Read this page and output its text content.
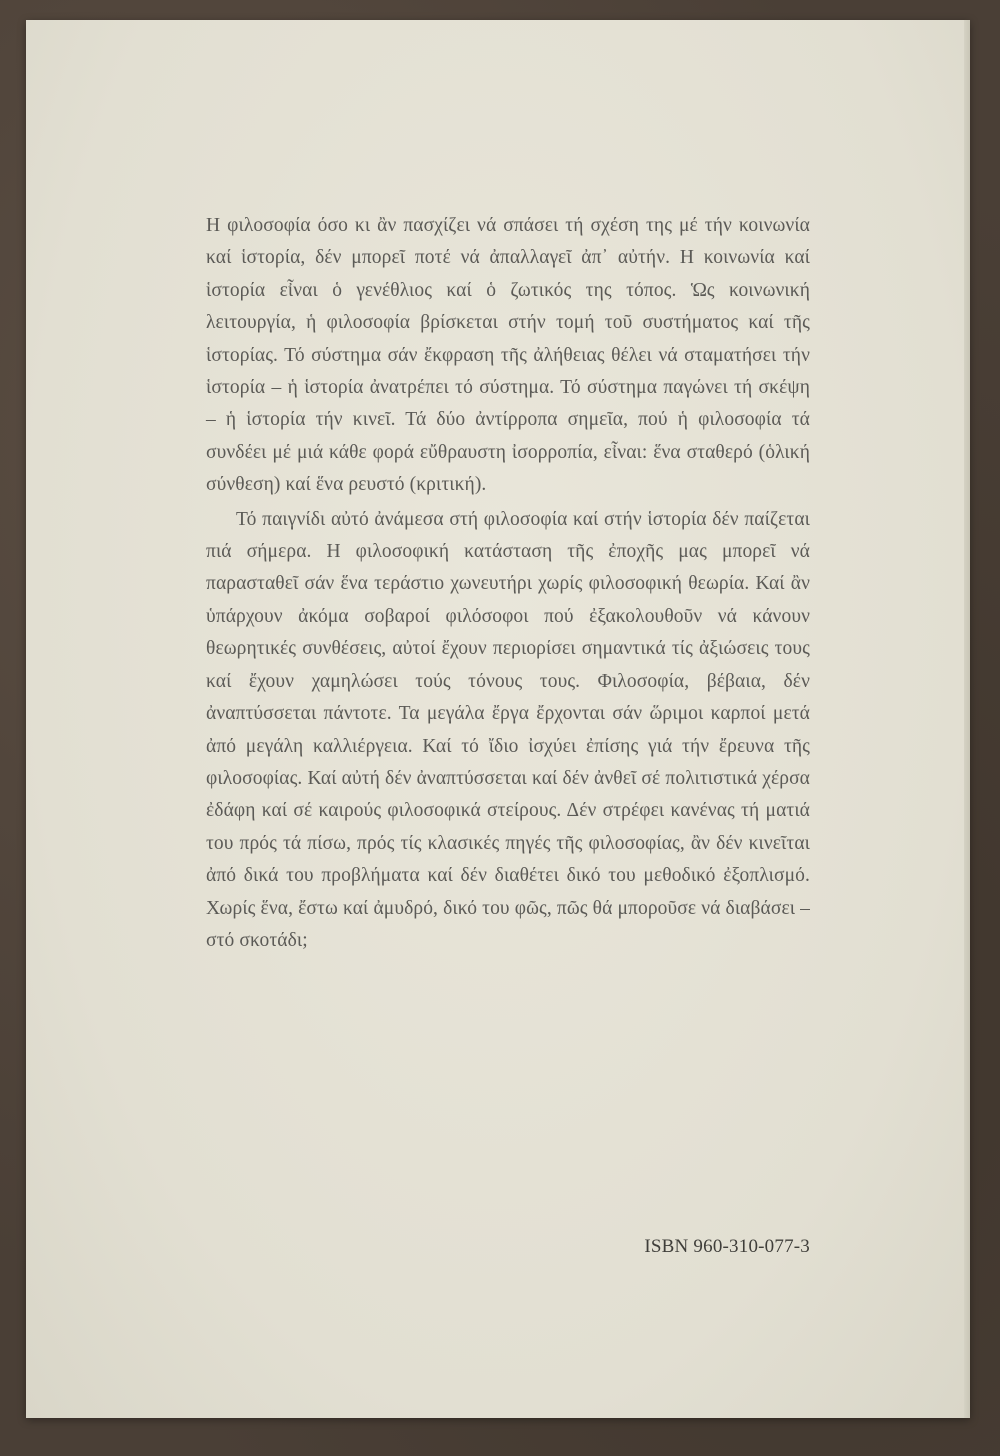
Η φιλοσοφία όσο κι ἂν πασχίζει νά σπάσει τή σχέση της μέ τήν κοινωνία καί ἱστορία, δέν μπορεῖ ποτέ νά ἀπαλλαγεῖ ἀπ᾽ αὐτήν. Η κοινωνία καί ἱστορία εἶναι ὁ γενέθλιος καί ὁ ζωτικός της τόπος. Ὡς κοινωνική λειτουργία, ἡ φιλοσοφία βρίσκεται στήν τομή τοῦ συστήματος καί τῆς ἱστορίας. Τό σύστημα σάν ἔκφραση τῆς ἀλήθειας θέλει νά σταματήσει τήν ἱστορία – ἡ ἱστορία ἀνατρέπει τό σύστημα. Τό σύστημα παγώνει τή σκέψη – ἡ ἱστορία τήν κινεῖ. Τά δύο ἀντίρροπα σημεῖα, πού ἡ φιλοσοφία τά συνδέει μέ μιά κάθε φορά εὔθραυστη ἰσορροπία, εἶναι: ἕνα σταθερό (ὁλική σύνθεση) καί ἕνα ρευστό (κριτική).

Τό παιγνίδι αὐτό ἀνάμεσα στή φιλοσοφία καί στήν ἱστορία δέν παίζεται πιά σήμερα. Η φιλοσοφική κατάσταση τῆς ἐποχῆς μας μπορεῖ νά παρασταθεῖ σάν ἕνα τεράστιο χωνευτήρι χωρίς φιλοσοφική θεωρία. Καί ἂν ὑπάρχουν ἀκόμα σοβαροί φιλόσοφοι πού ἐξακολουθοῦν νά κάνουν θεωρητικές συνθέσεις, αὐτοί ἔχουν περιορίσει σημαντικά τίς ἀξιώσεις τους καί ἔχουν χαμηλώσει τούς τόνους τους. Φιλοσοφία, βέβαια, δέν ἀναπτύσσεται πάντοτε. Τα μεγάλα ἔργα ἔρχονται σάν ὥριμοι καρποί μετά ἀπό μεγάλη καλλιέργεια. Καί τό ἴδιο ἰσχύει ἐπίσης γιά τήν ἔρευνα τῆς φιλοσοφίας. Καί αὐτή δέν ἀναπτύσσεται καί δέν ἀνθεῖ σέ πολιτιστικά χέρσα ἐδάφη καί σέ καιρούς φιλοσοφικά στείρους. Δέν στρέφει κανένας τή ματιά του πρός τά πίσω, πρός τίς κλασικές πηγές τῆς φιλοσοφίας, ἂν δέν κινεῖται ἀπό δικά του προβλήματα καί δέν διαθέτει δικό του μεθοδικό ἐξοπλισμό. Χωρίς ἕνα, ἔστω καί ἀμυδρό, δικό του φῶς, πῶς θά μποροῦσε νά διαβάσει – στό σκοτάδι;

ISBN 960-310-077-3
